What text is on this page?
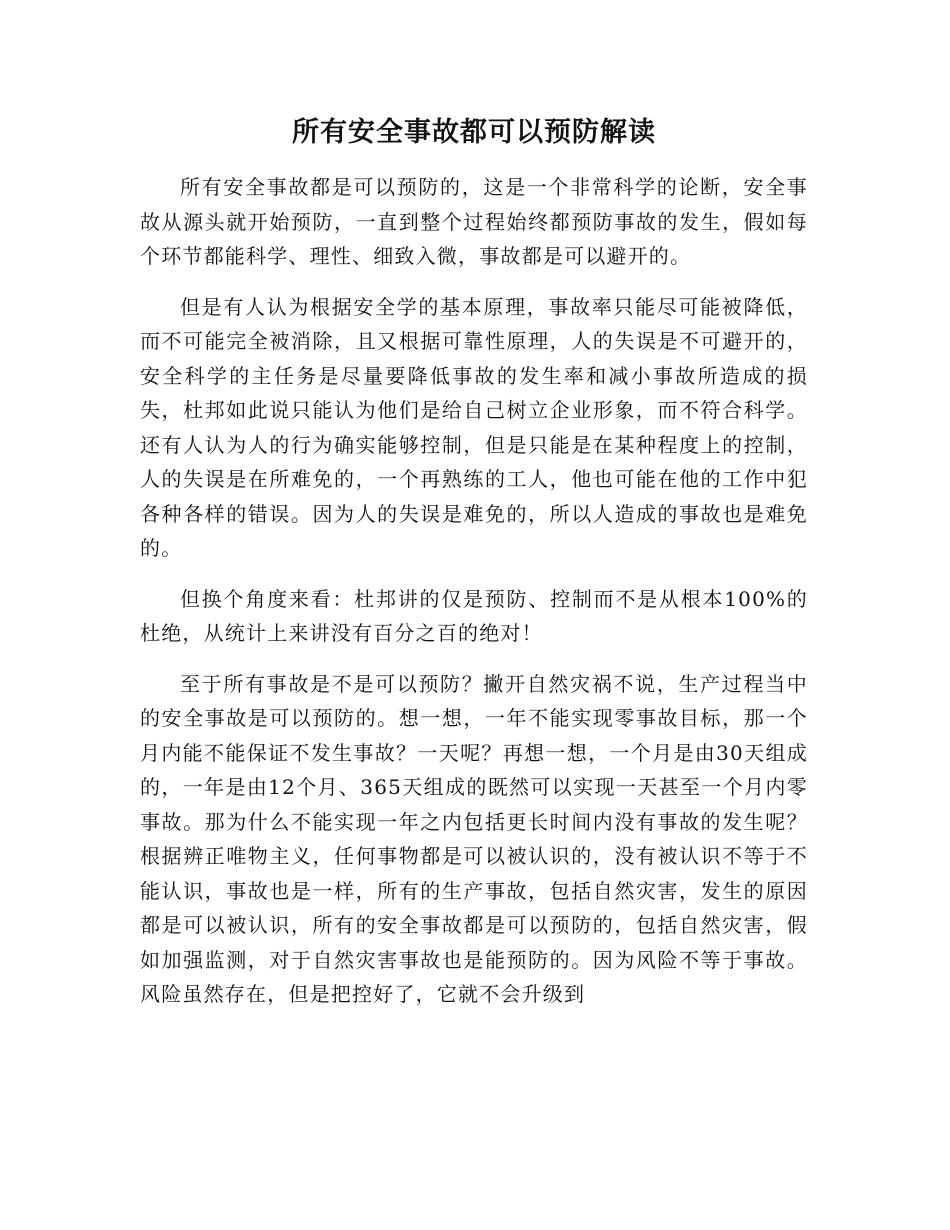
所有安全事故都可以预防解读

所有安全事故都是可以预防的，这是一个非常科学的论断，安全事故从源头就开始预防，一直到整个过程始终都预防事故的发生，假如每个环节都能科学、理性、细致入微，事故都是可以避开的。

但是有人认为根据安全学的基本原理，事故率只能尽可能被降低，而不可能完全被消除，且又根据可靠性原理，人的失误是不可避开的，安全科学的主任务是尽量要降低事故的发生率和减小事故所造成的损失，杜邦如此说只能认为他们是给自己树立企业形象，而不符合科学。还有人认为人的行为确实能够控制，但是只能是在某种程度上的控制，人的失误是在所难免的，一个再熟练的工人，他也可能在他的工作中犯各种各样的错误。因为人的失误是难免的，所以人造成的事故也是难免的。

但换个角度来看：杜邦讲的仅是预防、控制而不是从根本100%的杜绝，从统计上来讲没有百分之百的绝对！

至于所有事故是不是可以预防？撇开自然灾祸不说，生产过程当中的安全事故是可以预防的。想一想，一年不能实现零事故目标，那一个月内能不能保证不发生事故？一天呢？再想一想，一个月是由30天组成的，一年是由12个月、365天组成的既然可以实现一天甚至一个月内零事故。那为什么不能实现一年之内包括更长时间内没有事故的发生呢？根据辨正唯物主义，任何事物都是可以被认识的，没有被认识不等于不能认识，事故也是一样，所有的生产事故，包括自然灾害，发生的原因都是可以被认识，所有的安全事故都是可以预防的，包括自然灾害，假如加强监测，对于自然灾害事故也是能预防的。因为风险不等于事故。风险虽然存在，但是把控好了，它就不会升级到
